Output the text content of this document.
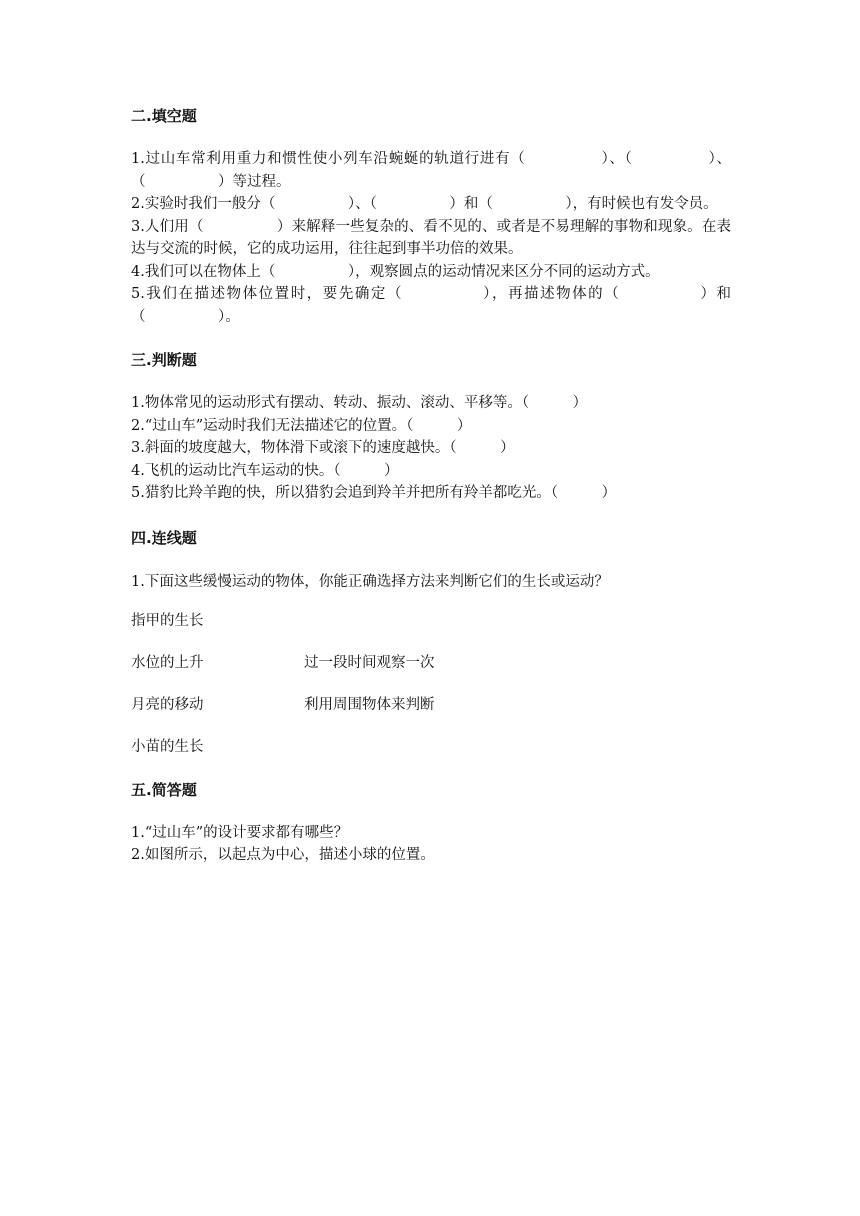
二.填空题

1.过山车常利用重力和惯性使小列车沿蜿蜒的轨道行进有（　　　　　）、（　　　　　）、（　　　　　）等过程。

2.实验时我们一般分（　　　　　）、（　　　　　）和（　　　　　），有时候也有发令员。

3.人们用（　　　　　）来解释一些复杂的、看不见的、或者是不易理解的事物和现象。在表达与交流的时候，它的成功运用，往往起到事半功倍的效果。

4.我们可以在物体上（　　　　　），观察圆点的运动情况来区分不同的运动方式。

5.我们在描述物体位置时，要先确定（　　　　　），再描述物体的（　　　　　）和（　　　　　）。

三.判断题

1.物体常见的运动形式有摆动、转动、振动、滚动、平移等。（　　　）

2.“过山车”运动时我们无法描述它的位置。（　　　）

3.斜面的坡度越大，物体滑下或滚下的速度越快。（　　　）

4.飞机的运动比汽车运动的快。（　　　）

5.猎豹比羚羊跑的快，所以猎豹会追到羚羊并把所有羚羊都吃光。（　　　）

四.连线题

1.下面这些缓慢运动的物体，你能正确选择方法来判断它们的生长或运动？

指甲的生长
水位的上升	过一段时间观察一次
月亮的移动	利用周围物体来判断
小苗的生长
五.简答题

1.“过山车”的设计要求都有哪些？

2.如图所示，以起点为中心，描述小球的位置。
